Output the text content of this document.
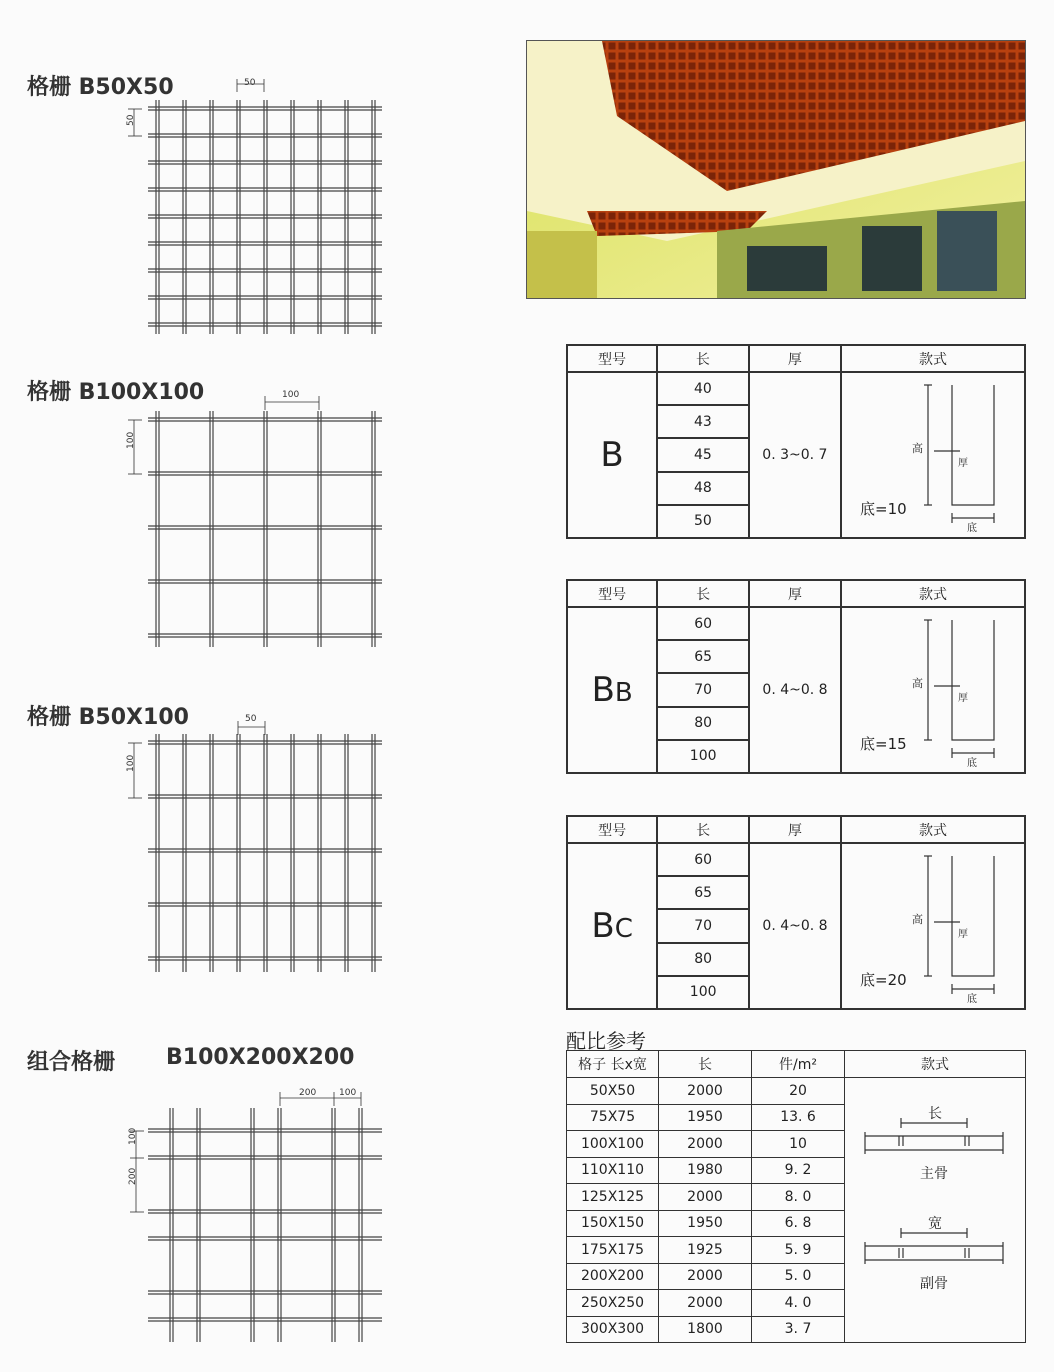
格栅 B50X50
格栅 B100X100
格栅 B50X100
组合格栅 B100X200X200
50
50
100
100
50
100
200	100
100
200
型号	长	厚	款式
B	40	0. 3~0. 7	高
厚
底
底=10

	43		
	45		
	48		
	50		
型号	长	厚	款式
BB	60	0. 4~0. 8	高
厚
底
底=15

	65		
	70		
	80		
	100		
型号	长	厚	款式
BC	60	0. 4~0. 8	高
厚
底
底=20

	65		
	70		
	80		
	100		
配比参考
格子 长x宽	长	件/m²	款式
50X50	2000	20	长
主骨
宽
副骨

75X75	1950	13. 6	
100X100	2000	10	
110X110	1980	9. 2	
125X125	2000	8. 0	
150X150	1950	6. 8	
175X175	1925	5. 9	
200X200	2000	5. 0	
250X250	2000	4. 0	
300X300	1800	3. 7	
